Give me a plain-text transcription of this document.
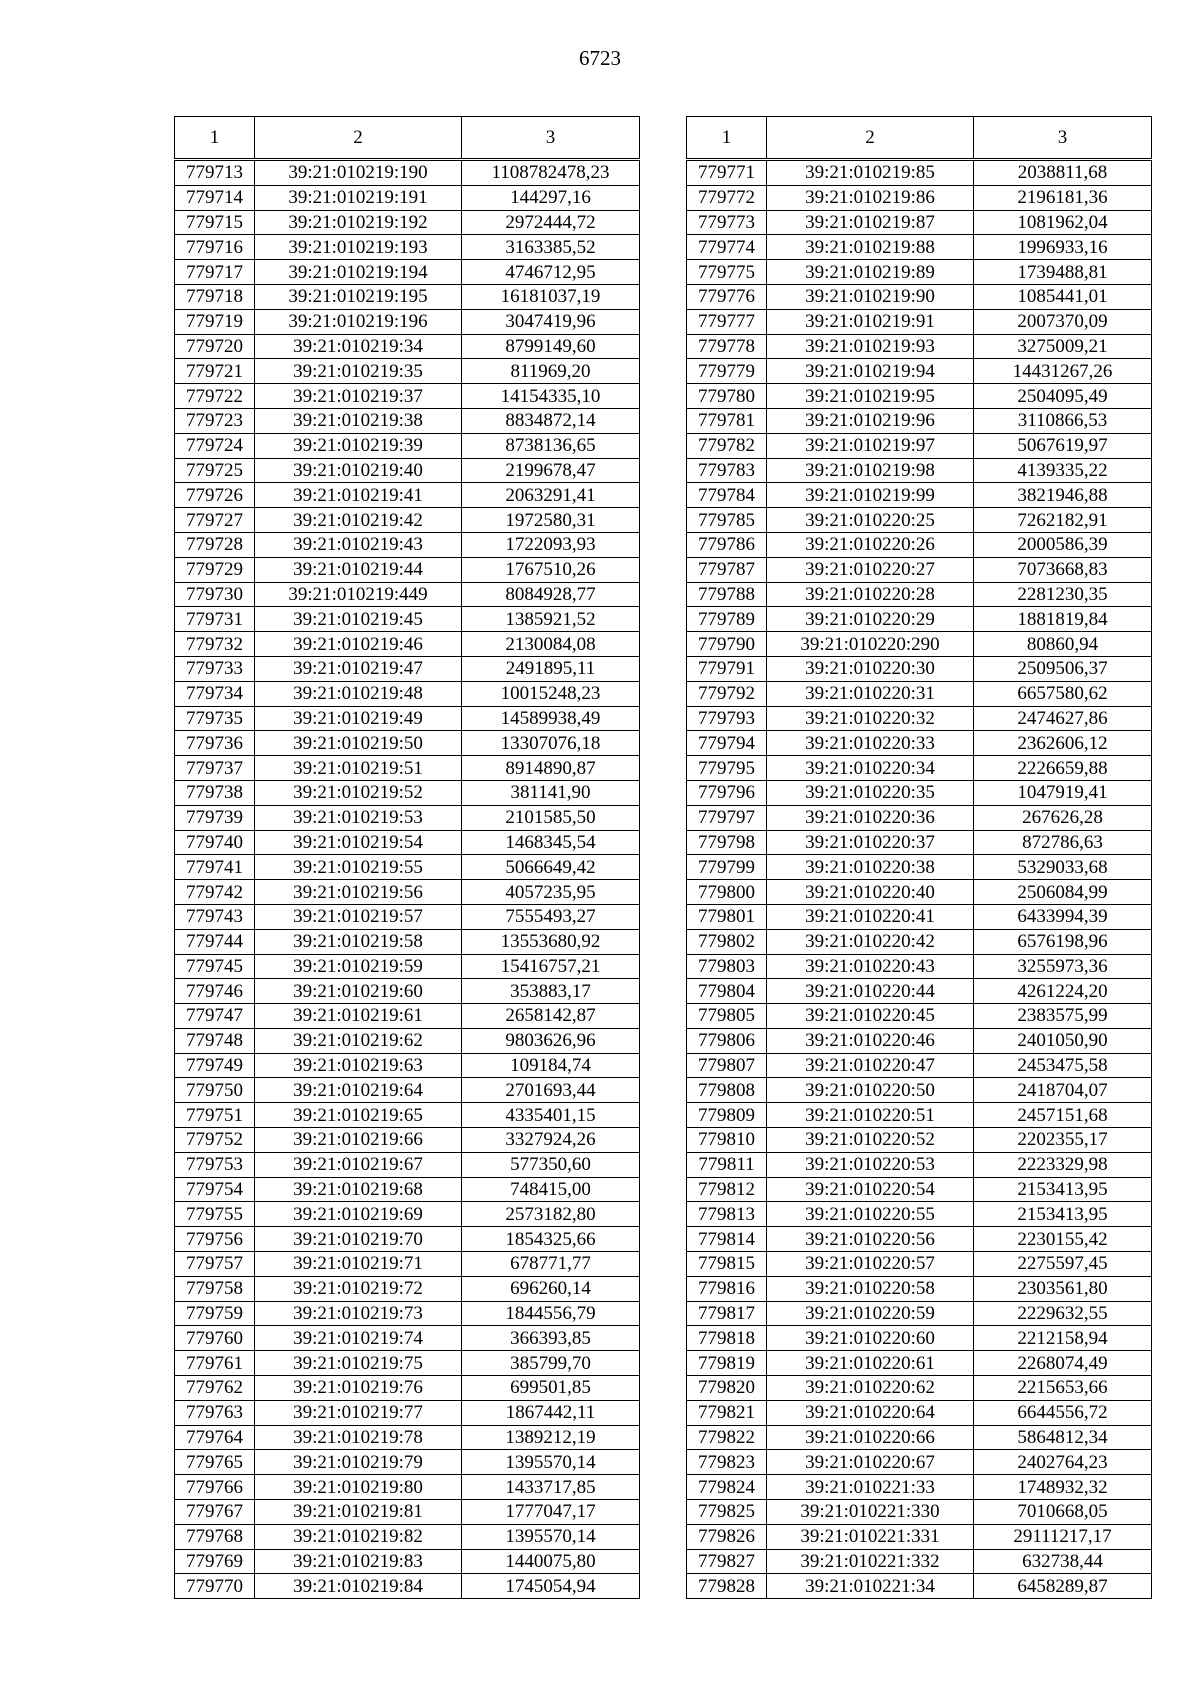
6723
1	2	3
779713	39:21:010219:190	1108782478,23
779714	39:21:010219:191	144297,16
779715	39:21:010219:192	2972444,72
779716	39:21:010219:193	3163385,52
779717	39:21:010219:194	4746712,95
779718	39:21:010219:195	16181037,19
779719	39:21:010219:196	3047419,96
779720	39:21:010219:34	8799149,60
779721	39:21:010219:35	811969,20
779722	39:21:010219:37	14154335,10
779723	39:21:010219:38	8834872,14
779724	39:21:010219:39	8738136,65
779725	39:21:010219:40	2199678,47
779726	39:21:010219:41	2063291,41
779727	39:21:010219:42	1972580,31
779728	39:21:010219:43	1722093,93
779729	39:21:010219:44	1767510,26
779730	39:21:010219:449	8084928,77
779731	39:21:010219:45	1385921,52
779732	39:21:010219:46	2130084,08
779733	39:21:010219:47	2491895,11
779734	39:21:010219:48	10015248,23
779735	39:21:010219:49	14589938,49
779736	39:21:010219:50	13307076,18
779737	39:21:010219:51	8914890,87
779738	39:21:010219:52	381141,90
779739	39:21:010219:53	2101585,50
779740	39:21:010219:54	1468345,54
779741	39:21:010219:55	5066649,42
779742	39:21:010219:56	4057235,95
779743	39:21:010219:57	7555493,27
779744	39:21:010219:58	13553680,92
779745	39:21:010219:59	15416757,21
779746	39:21:010219:60	353883,17
779747	39:21:010219:61	2658142,87
779748	39:21:010219:62	9803626,96
779749	39:21:010219:63	109184,74
779750	39:21:010219:64	2701693,44
779751	39:21:010219:65	4335401,15
779752	39:21:010219:66	3327924,26
779753	39:21:010219:67	577350,60
779754	39:21:010219:68	748415,00
779755	39:21:010219:69	2573182,80
779756	39:21:010219:70	1854325,66
779757	39:21:010219:71	678771,77
779758	39:21:010219:72	696260,14
779759	39:21:010219:73	1844556,79
779760	39:21:010219:74	366393,85
779761	39:21:010219:75	385799,70
779762	39:21:010219:76	699501,85
779763	39:21:010219:77	1867442,11
779764	39:21:010219:78	1389212,19
779765	39:21:010219:79	1395570,14
779766	39:21:010219:80	1433717,85
779767	39:21:010219:81	1777047,17
779768	39:21:010219:82	1395570,14
779769	39:21:010219:83	1440075,80
779770	39:21:010219:84	1745054,94
1	2	3
779771	39:21:010219:85	2038811,68
779772	39:21:010219:86	2196181,36
779773	39:21:010219:87	1081962,04
779774	39:21:010219:88	1996933,16
779775	39:21:010219:89	1739488,81
779776	39:21:010219:90	1085441,01
779777	39:21:010219:91	2007370,09
779778	39:21:010219:93	3275009,21
779779	39:21:010219:94	14431267,26
779780	39:21:010219:95	2504095,49
779781	39:21:010219:96	3110866,53
779782	39:21:010219:97	5067619,97
779783	39:21:010219:98	4139335,22
779784	39:21:010219:99	3821946,88
779785	39:21:010220:25	7262182,91
779786	39:21:010220:26	2000586,39
779787	39:21:010220:27	7073668,83
779788	39:21:010220:28	2281230,35
779789	39:21:010220:29	1881819,84
779790	39:21:010220:290	80860,94
779791	39:21:010220:30	2509506,37
779792	39:21:010220:31	6657580,62
779793	39:21:010220:32	2474627,86
779794	39:21:010220:33	2362606,12
779795	39:21:010220:34	2226659,88
779796	39:21:010220:35	1047919,41
779797	39:21:010220:36	267626,28
779798	39:21:010220:37	872786,63
779799	39:21:010220:38	5329033,68
779800	39:21:010220:40	2506084,99
779801	39:21:010220:41	6433994,39
779802	39:21:010220:42	6576198,96
779803	39:21:010220:43	3255973,36
779804	39:21:010220:44	4261224,20
779805	39:21:010220:45	2383575,99
779806	39:21:010220:46	2401050,90
779807	39:21:010220:47	2453475,58
779808	39:21:010220:50	2418704,07
779809	39:21:010220:51	2457151,68
779810	39:21:010220:52	2202355,17
779811	39:21:010220:53	2223329,98
779812	39:21:010220:54	2153413,95
779813	39:21:010220:55	2153413,95
779814	39:21:010220:56	2230155,42
779815	39:21:010220:57	2275597,45
779816	39:21:010220:58	2303561,80
779817	39:21:010220:59	2229632,55
779818	39:21:010220:60	2212158,94
779819	39:21:010220:61	2268074,49
779820	39:21:010220:62	2215653,66
779821	39:21:010220:64	6644556,72
779822	39:21:010220:66	5864812,34
779823	39:21:010220:67	2402764,23
779824	39:21:010221:33	1748932,32
779825	39:21:010221:330	7010668,05
779826	39:21:010221:331	29111217,17
779827	39:21:010221:332	632738,44
779828	39:21:010221:34	6458289,87
